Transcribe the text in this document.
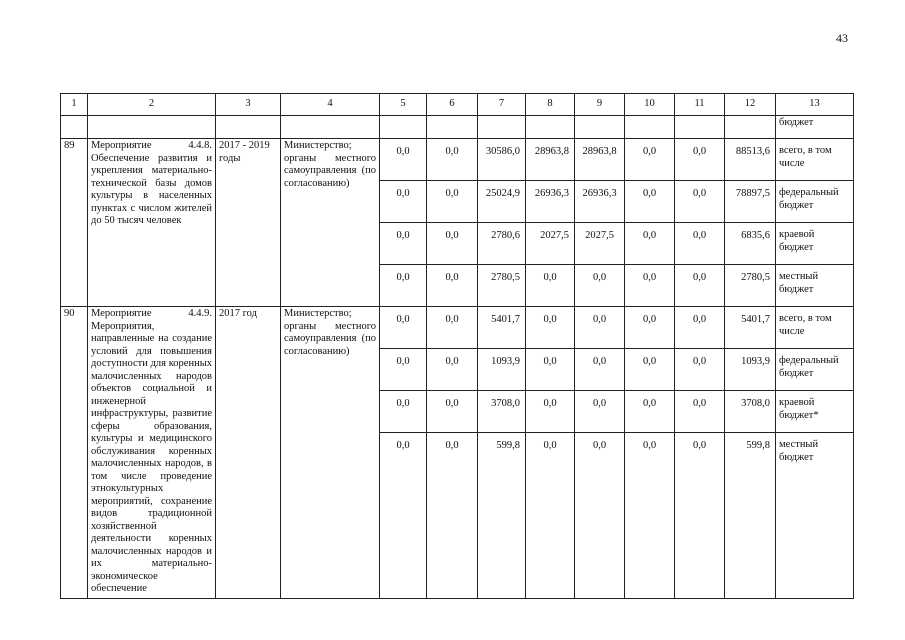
43
1	2	3	4	5	6	7	8	9	10	11	12	13
												бюджет
89	Мероприятие 4.4.8. Обеспечение развития и укрепления материально-технической базы домов культуры в населенных пунктах с числом жителей до 50 тысяч человек	2017 - 2019 годы	Министерство; органы местного самоуправления (по согласованию)	0,0	0,0	30586,0	28963,8	28963,8	0,0	0,0	88513,6	всего, в том числе
				0,0	0,0	25024,9	26936,3	26936,3	0,0	0,0	78897,5	федеральный бюджет
				0,0	0,0	2780,6	2027,5	2027,5	0,0	0,0	6835,6	краевой бюджет
				0,0	0,0	2780,5	0,0	0,0	0,0	0,0	2780,5	местный бюджет
90	Мероприятие 4.4.9. Мероприятия, направленные на создание условий для повышения доступности для коренных малочисленных народов объектов социальной и инженерной инфраструктуры, развитие сферы образования, культуры и медицинского обслуживания коренных малочисленных народов, в том числе проведение этнокультурных мероприятий, сохранение видов традиционной хозяйственной деятельности коренных малочисленных народов и их материально-экономическое обеспечение	2017 год	Министерство; органы местного самоуправления (по согласованию)	0,0	0,0	5401,7	0,0	0,0	0,0	0,0	5401,7	всего, в том числе
				0,0	0,0	1093,9	0,0	0,0	0,0	0,0	1093,9	федеральный бюджет
				0,0	0,0	3708,0	0,0	0,0	0,0	0,0	3708,0	краевой бюджет*
				0,0	0,0	599,8	0,0	0,0	0,0	0,0	599,8	местный бюджет
